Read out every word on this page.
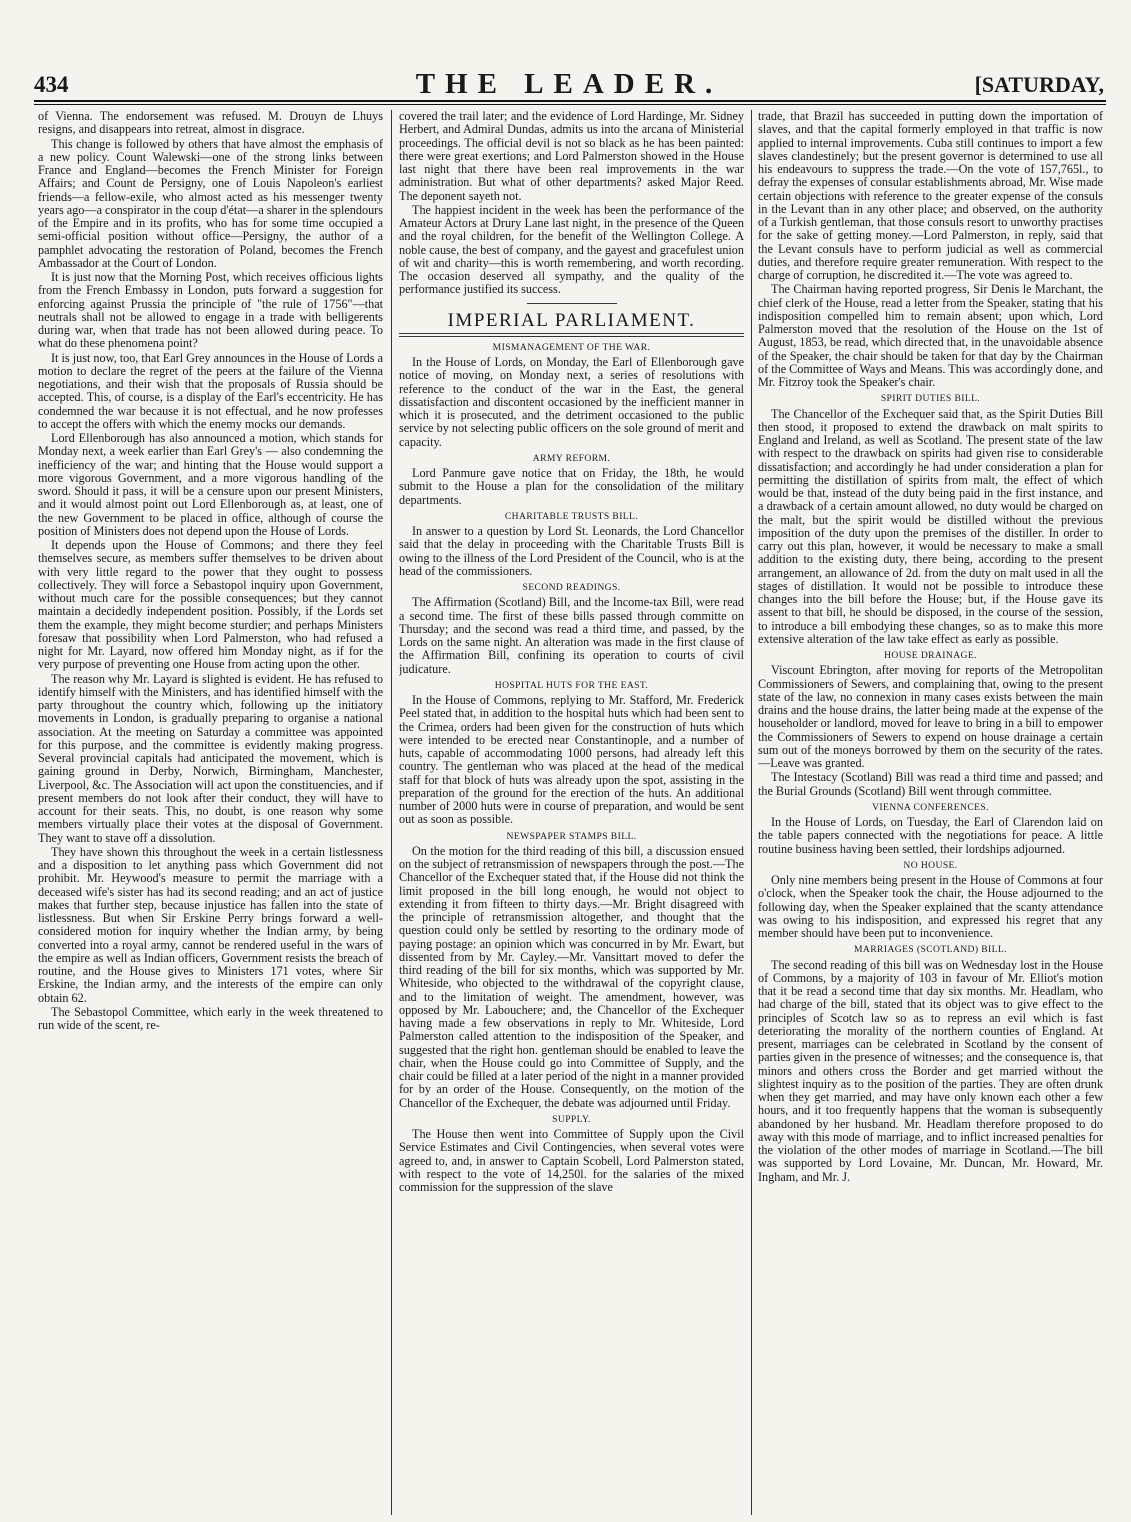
434	THE LEADER.	[SATURDAY,

of Vienna. The endorsement was refused. M. Drouyn de Lhuys resigns, and disappears into retreat, almost in disgrace.

This change is followed by others that have almost the emphasis of a new policy. Count Walewski—one of the strong links between France and England—becomes the French Minister for Foreign Affairs; and Count de Persigny, one of Louis Napoleon's earliest friends—a fellow-exile, who almost acted as his messenger twenty years ago—a conspirator in the coup d'état—a sharer in the splendours of the Empire and in its profits, who has for some time occupied a semi-official position without office—Persigny, the author of a pamphlet advocating the restoration of Poland, becomes the French Ambassador at the Court of London.

It is just now that the Morning Post, which receives officious lights from the French Embassy in London, puts forward a suggestion for enforcing against Prussia the principle of "the rule of 1756"—that neutrals shall not be allowed to engage in a trade with belligerents during war, when that trade has not been allowed during peace. To what do these phenomena point?

It is just now, too, that Earl Grey announces in the House of Lords a motion to declare the regret of the peers at the failure of the Vienna negotiations, and their wish that the proposals of Russia should be accepted. This, of course, is a display of the Earl's eccentricity. He has condemned the war because it is not effectual, and he now professes to accept the offers with which the enemy mocks our demands.

Lord Ellenborough has also announced a motion, which stands for Monday next, a week earlier than Earl Grey's — also condemning the inefficiency of the war; and hinting that the House would support a more vigorous Government, and a more vigorous handling of the sword. Should it pass, it will be a censure upon our present Ministers, and it would almost point out Lord Ellenborough as, at least, one of the new Government to be placed in office, although of course the position of Ministers does not depend upon the House of Lords.

It depends upon the House of Commons; and there they feel themselves secure, as members suffer themselves to be driven about with very little regard to the power that they ought to possess collectively. They will force a Sebastopol inquiry upon Government, without much care for the possible consequences; but they cannot maintain a decidedly independent position. Possibly, if the Lords set them the example, they might become sturdier; and perhaps Ministers foresaw that possibility when Lord Palmerston, who had refused a night for Mr. Layard, now offered him Monday night, as if for the very purpose of preventing one House from acting upon the other.

The reason why Mr. Layard is slighted is evident. He has refused to identify himself with the Ministers, and has identified himself with the party throughout the country which, following up the initiatory movements in London, is gradually preparing to organise a national association. At the meeting on Saturday a committee was appointed for this purpose, and the committee is evidently making progress. Several provincial capitals had anticipated the movement, which is gaining ground in Derby, Norwich, Birmingham, Manchester, Liverpool, &c. The Association will act upon the constituencies, and if present members do not look after their conduct, they will have to account for their seats. This, no doubt, is one reason why some members virtually place their votes at the disposal of Government. They want to stave off a dissolution.

They have shown this throughout the week in a certain listlessness and a disposition to let anything pass which Government did not prohibit. Mr. Heywood's measure to permit the marriage with a deceased wife's sister has had its second reading; and an act of justice makes that further step, because injustice has fallen into the state of listlessness. But when Sir Erskine Perry brings forward a well-considered motion for inquiry whether the Indian army, by being converted into a royal army, cannot be rendered useful in the wars of the empire as well as Indian officers, Government resists the breach of routine, and the House gives to Ministers 171 votes, where Sir Erskine, the Indian army, and the interests of the empire can only obtain 62.

The Sebastopol Committee, which early in the week threatened to run wide of the scent, re-

covered the trail later; and the evidence of Lord Hardinge, Mr. Sidney Herbert, and Admiral Dundas, admits us into the arcana of Ministerial proceedings. The official devil is not so black as he has been painted: there were great exertions; and Lord Palmerston showed in the House last night that there have been real improvements in the war administration. But what of other departments? asked Major Reed. The deponent sayeth not.

The happiest incident in the week has been the performance of the Amateur Actors at Drury Lane last night, in the presence of the Queen and the royal children, for the benefit of the Wellington College. A noble cause, the best of company, and the gayest and gracefulest union of wit and charity—this is worth remembering, and worth recording. The occasion deserved all sympathy, and the quality of the performance justified its success.

IMPERIAL PARLIAMENT.
MISMANAGEMENT OF THE WAR.

In the House of Lords, on Monday, the Earl of Ellenborough gave notice of moving, on Monday next, a series of resolutions with reference to the conduct of the war in the East, the general dissatisfaction and discontent occasioned by the inefficient manner in which it is prosecuted, and the detriment occasioned to the public service by not selecting public officers on the sole ground of merit and capacity.

ARMY REFORM.

Lord Panmure gave notice that on Friday, the 18th, he would submit to the House a plan for the consolidation of the military departments.

CHARITABLE TRUSTS BILL.

In answer to a question by Lord St. Leonards, the Lord Chancellor said that the delay in proceeding with the Charitable Trusts Bill is owing to the illness of the Lord President of the Council, who is at the head of the commissioners.

SECOND READINGS.

The Affirmation (Scotland) Bill, and the Income-tax Bill, were read a second time. The first of these bills passed through committe on Thursday; and the second was read a third time, and passed, by the Lords on the same night. An alteration was made in the first clause of the Affirmation Bill, confining its operation to courts of civil judicature.

HOSPITAL HUTS FOR THE EAST.

In the House of Commons, replying to Mr. Stafford, Mr. Frederick Peel stated that, in addition to the hospital huts which had been sent to the Crimea, orders had been given for the construction of huts which were intended to be erected near Constantinople, and a number of huts, capable of accommodating 1000 persons, had already left this country. The gentleman who was placed at the head of the medical staff for that block of huts was already upon the spot, assisting in the preparation of the ground for the erection of the huts. An additional number of 2000 huts were in course of preparation, and would be sent out as soon as possible.

NEWSPAPER STAMPS BILL.

On the motion for the third reading of this bill, a discussion ensued on the subject of retransmission of newspapers through the post.—The Chancellor of the Exchequer stated that, if the House did not think the limit proposed in the bill long enough, he would not object to extending it from fifteen to thirty days.—Mr. Bright disagreed with the principle of retransmission altogether, and thought that the question could only be settled by resorting to the ordinary mode of paying postage: an opinion which was concurred in by Mr. Ewart, but dissented from by Mr. Cayley.—Mr. Vansittart moved to defer the third reading of the bill for six months, which was supported by Mr. Whiteside, who objected to the withdrawal of the copyright clause, and to the limitation of weight. The amendment, however, was opposed by Mr. Labouchere; and, the Chancellor of the Exchequer having made a few observations in reply to Mr. Whiteside, Lord Palmerston called attention to the indisposition of the Speaker, and suggested that the right hon. gentleman should be enabled to leave the chair, when the House could go into Committee of Supply, and the chair could be filled at a later period of the night in a manner provided for by an order of the House. Consequently, on the motion of the Chancellor of the Exchequer, the debate was adjourned until Friday.

SUPPLY.

The House then went into Committee of Supply upon the Civil Service Estimates and Civil Contingencies, when several votes were agreed to, and, in answer to Captain Scobell, Lord Palmerston stated, with respect to the vote of 14,250l. for the salaries of the mixed commission for the suppression of the slave

trade, that Brazil has succeeded in putting down the importation of slaves, and that the capital formerly employed in that traffic is now applied to internal improvements. Cuba still continues to import a few slaves clandestinely; but the present governor is determined to use all his endeavours to suppress the trade.—On the vote of 157,765l., to defray the expenses of consular establishments abroad, Mr. Wise made certain objections with reference to the greater expense of the consuls in the Levant than in any other place; and observed, on the authority of a Turkish gentleman, that those consuls resort to unworthy practises for the sake of getting money.—Lord Palmerston, in reply, said that the Levant consuls have to perform judicial as well as commercial duties, and therefore require greater remuneration. With respect to the charge of corruption, he discredited it.—The vote was agreed to.

The Chairman having reported progress, Sir Denis le Marchant, the chief clerk of the House, read a letter from the Speaker, stating that his indisposition compelled him to remain absent; upon which, Lord Palmerston moved that the resolution of the House on the 1st of August, 1853, be read, which directed that, in the unavoidable absence of the Speaker, the chair should be taken for that day by the Chairman of the Committee of Ways and Means. This was accordingly done, and Mr. Fitzroy took the Speaker's chair.

SPIRIT DUTIES BILL.

The Chancellor of the Exchequer said that, as the Spirit Duties Bill then stood, it proposed to extend the drawback on malt spirits to England and Ireland, as well as Scotland. The present state of the law with respect to the drawback on spirits had given rise to considerable dissatisfaction; and accordingly he had under consideration a plan for permitting the distillation of spirits from malt, the effect of which would be that, instead of the duty being paid in the first instance, and a drawback of a certain amount allowed, no duty would be charged on the malt, but the spirit would be distilled without the previous imposition of the duty upon the premises of the distiller. In order to carry out this plan, however, it would be necessary to make a small addition to the existing duty, there being, according to the present arrangement, an allowance of 2d. from the duty on malt used in all the stages of distillation. It would not be possible to introduce these changes into the bill before the House; but, if the House gave its assent to that bill, he should be disposed, in the course of the session, to introduce a bill embodying these changes, so as to make this more extensive alteration of the law take effect as early as possible.

HOUSE DRAINAGE.

Viscount Ebrington, after moving for reports of the Metropolitan Commissioners of Sewers, and complaining that, owing to the present state of the law, no connexion in many cases exists between the main drains and the house drains, the latter being made at the expense of the householder or landlord, moved for leave to bring in a bill to empower the Commissioners of Sewers to expend on house drainage a certain sum out of the moneys borrowed by them on the security of the rates.—Leave was granted.

The Intestacy (Scotland) Bill was read a third time and passed; and the Burial Grounds (Scotland) Bill went through committee.

VIENNA CONFERENCES.

In the House of Lords, on Tuesday, the Earl of Clarendon laid on the table papers connected with the negotiations for peace. A little routine business having been settled, their lordships adjourned.

NO HOUSE.

Only nine members being present in the House of Commons at four o'clock, when the Speaker took the chair, the House adjourned to the following day, when the Speaker explained that the scanty attendance was owing to his indisposition, and expressed his regret that any member should have been put to inconvenience.

MARRIAGES (SCOTLAND) BILL.

The second reading of this bill was on Wednesday lost in the House of Commons, by a majority of 103 in favour of Mr. Elliot's motion that it be read a second time that day six months. Mr. Headlam, who had charge of the bill, stated that its object was to give effect to the principles of Scotch law so as to repress an evil which is fast deteriorating the morality of the northern counties of England. At present, marriages can be celebrated in Scotland by the consent of parties given in the presence of witnesses; and the consequence is, that minors and others cross the Border and get married without the slightest inquiry as to the position of the parties. They are often drunk when they get married, and may have only known each other a few hours, and it too frequently happens that the woman is subsequently abandoned by her husband. Mr. Headlam therefore proposed to do away with this mode of marriage, and to inflict increased penalties for the violation of the other modes of marriage in Scotland.—The bill was supported by Lord Lovaine, Mr. Duncan, Mr. Howard, Mr. Ingham, and Mr. J.
